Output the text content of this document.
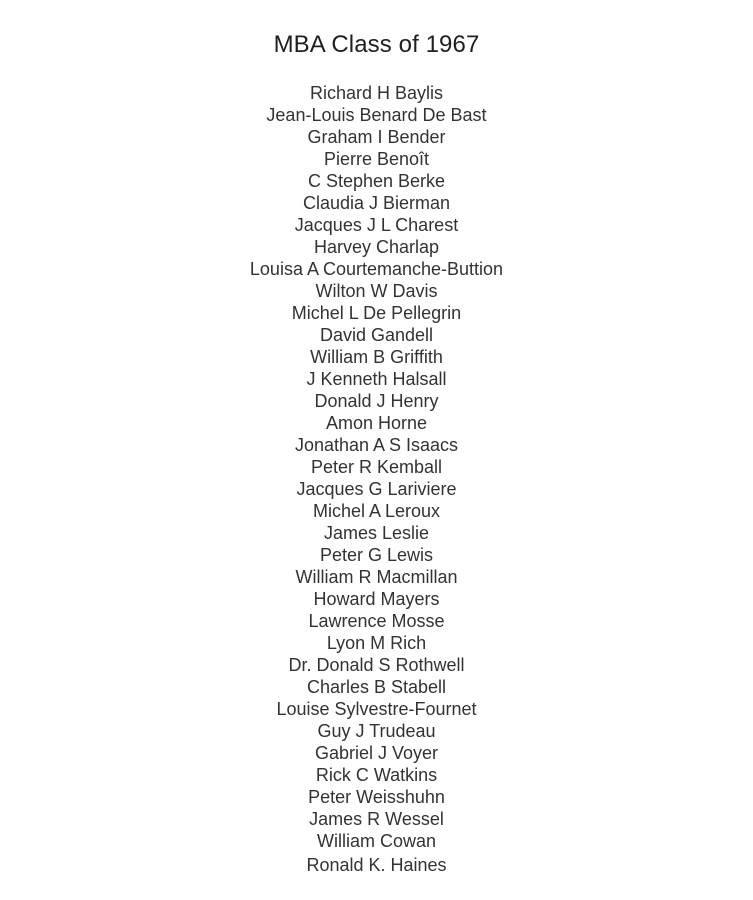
MBA Class of 1967
Richard H Baylis
Jean-Louis Benard De Bast
Graham I Bender
Pierre Benoît
C Stephen Berke
Claudia J Bierman
Jacques J L Charest
Harvey Charlap
Louisa A Courtemanche-Buttion
Wilton W Davis
Michel L De Pellegrin
David Gandell
William B Griffith
J Kenneth Halsall
Donald J Henry
Amon Horne
Jonathan A S Isaacs
Peter R Kemball
Jacques G Lariviere
Michel A Leroux
James Leslie
Peter G Lewis
William R Macmillan
Howard Mayers
Lawrence Mosse
Lyon M Rich
Dr. Donald S Rothwell
Charles B Stabell
Louise Sylvestre-Fournet
Guy J Trudeau
Gabriel J Voyer
Rick C Watkins
Peter Weisshuhn
James R Wessel
William Cowan
Ronald K. Haines
